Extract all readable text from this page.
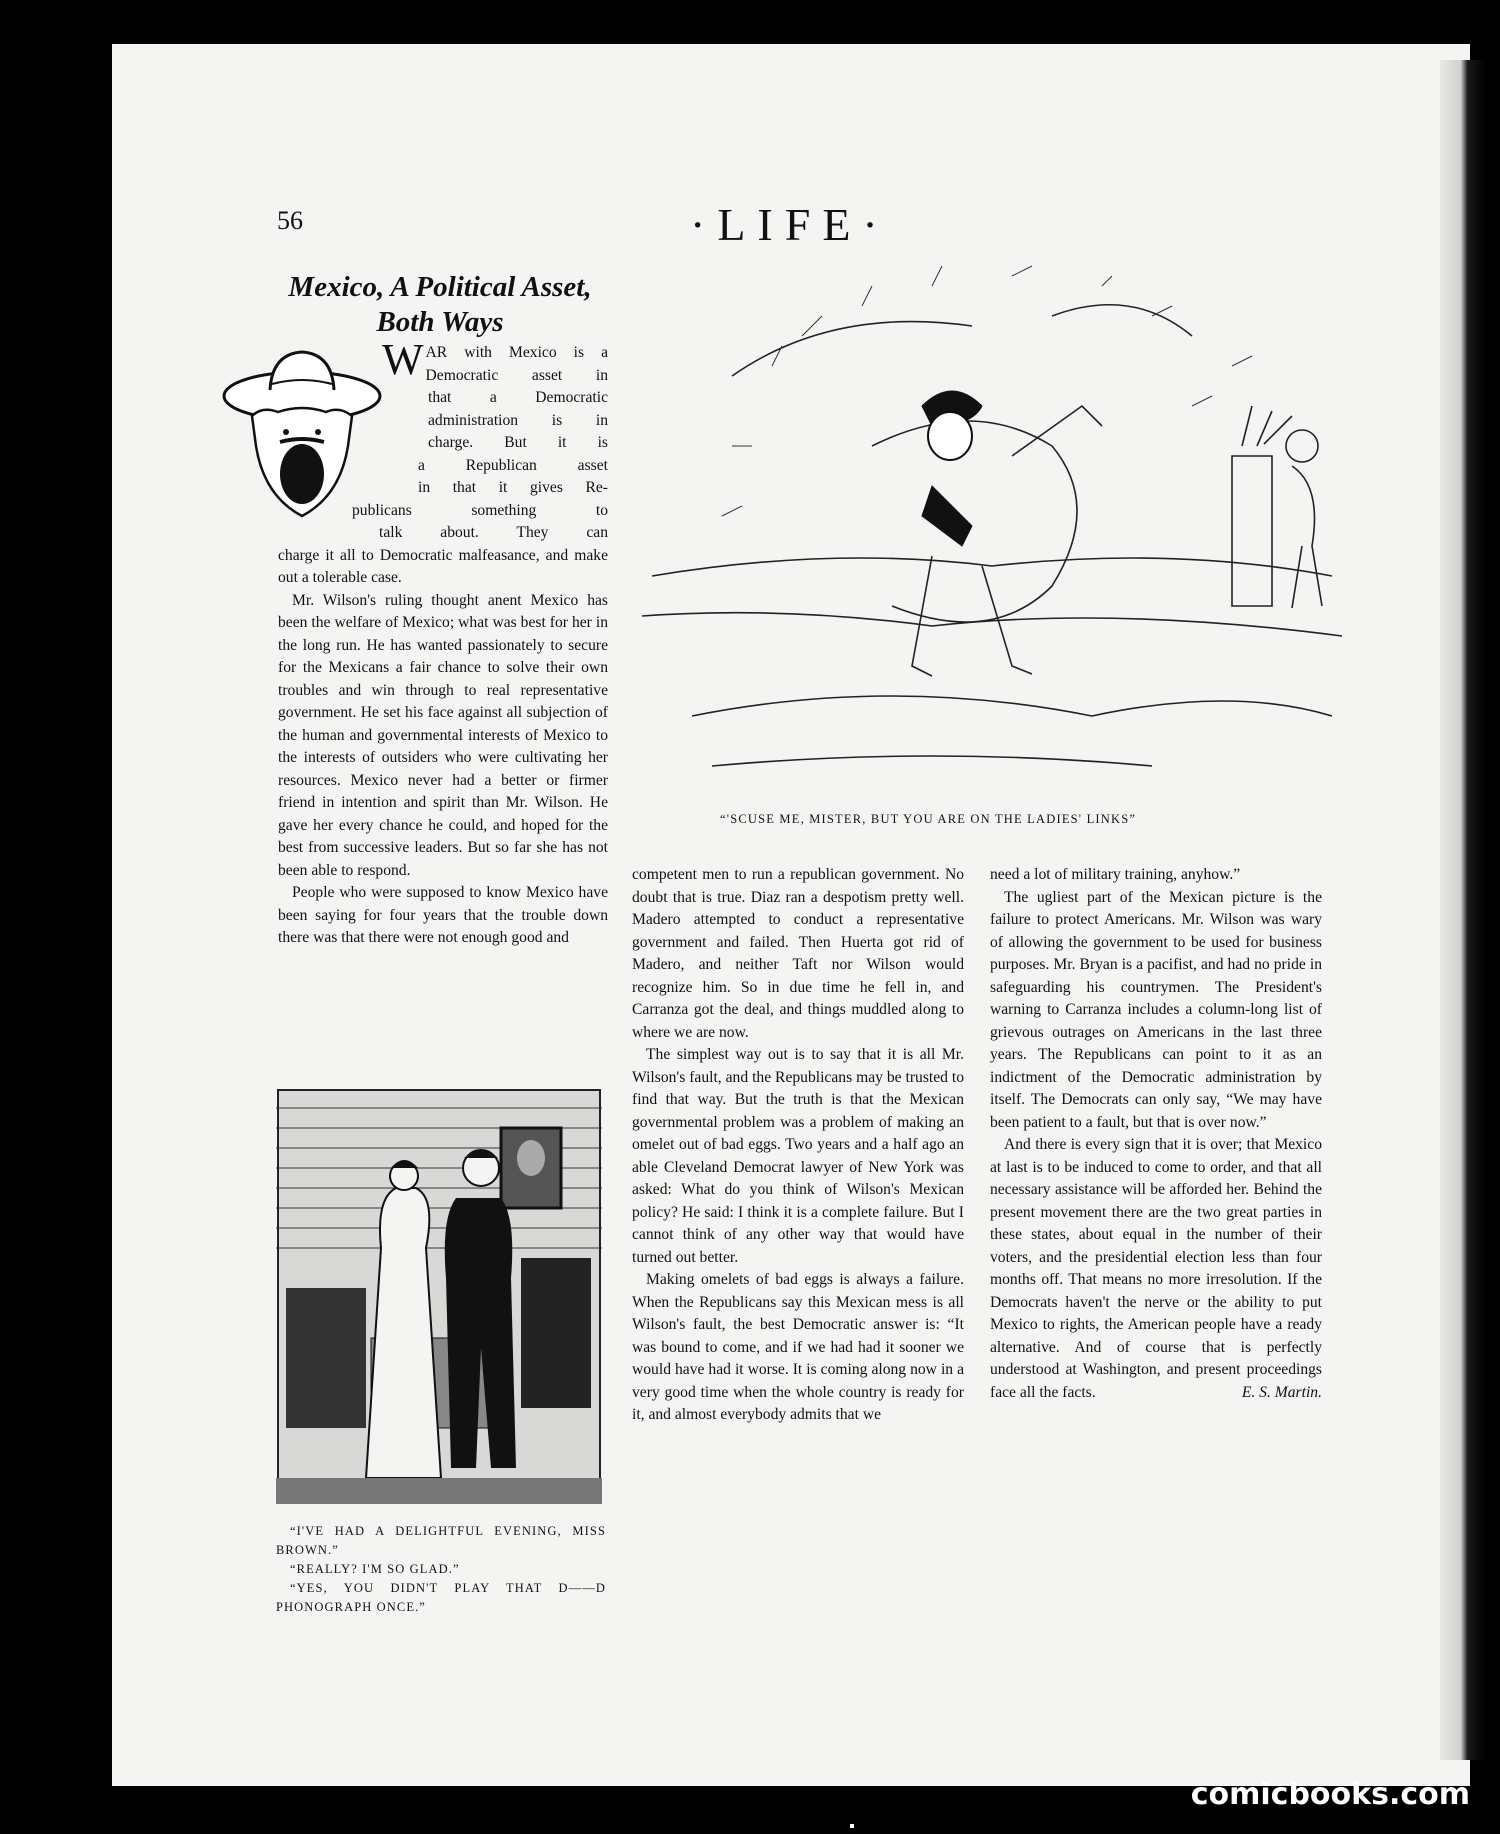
56	·LIFE·
Mexico, A Political Asset,
Both Ways
W AR with Mexico is a
Democratic asset in
that a Democratic
administration is in
charge. But it is
a Republican asset
in that it gives Re-
publicans something to
talk about. They can

charge it all to Democratic malfeasance, and make out a tolerable case.

Mr. Wilson's ruling thought anent Mexico has been the welfare of Mexico; what was best for her in the long run. He has wanted passionately to secure for the Mexicans a fair chance to solve their own troubles and win through to real representative government. He set his face against all subjection of the human and governmental interests of Mexico to the interests of outsiders who were cultivating her resources. Mexico never had a better or firmer friend in intention and spirit than Mr. Wilson. He gave her every chance he could, and hoped for the best from successive leaders. But so far she has not been able to respond.

People who were supposed to know Mexico have been saying for four years that the trouble down there was that there were not enough good and

“'SCUSE ME, MISTER, BUT YOU ARE ON THE LADIES' LINKS”

“I'VE HAD A DELIGHTFUL EVENING, MISS BROWN.”

“REALLY? I'M SO GLAD.”

“YES, YOU DIDN'T PLAY THAT D——D PHONOGRAPH ONCE.”

competent men to run a republican government. No doubt that is true. Diaz ran a despotism pretty well. Madero attempted to conduct a representative government and failed. Then Huerta got rid of Madero, and neither Taft nor Wilson would recognize him. So in due time he fell in, and Carranza got the deal, and things muddled along to where we are now.

The simplest way out is to say that it is all Mr. Wilson's fault, and the Republicans may be trusted to find that way. But the truth is that the Mexican governmental problem was a problem of making an omelet out of bad eggs. Two years and a half ago an able Cleveland Democrat lawyer of New York was asked: What do you think of Wilson's Mexican policy? He said: I think it is a complete failure. But I cannot think of any other way that would have turned out better.

Making omelets of bad eggs is always a failure. When the Republicans say this Mexican mess is all Wilson's fault, the best Democratic answer is: “It was bound to come, and if we had had it sooner we would have had it worse. It is coming along now in a very good time when the whole country is ready for it, and almost everybody admits that we

need a lot of military training, anyhow.”

The ugliest part of the Mexican picture is the failure to protect Americans. Mr. Wilson was wary of allowing the government to be used for business purposes. Mr. Bryan is a pacifist, and had no pride in safeguarding his countrymen. The President's warning to Carranza includes a column-long list of grievous outrages on Americans in the last three years. The Republicans can point to it as an indictment of the Democratic administration by itself. The Democrats can only say, “We may have been patient to a fault, but that is over now.”

And there is every sign that it is over; that Mexico at last is to be induced to come to order, and that all necessary assistance will be afforded her. Behind the present movement there are the two great parties in these states, about equal in the number of their voters, and the presidential election less than four months off. That means no more irresolution. If the Democrats haven't the nerve or the ability to put Mexico to rights, the American people have a ready alternative. And of course that is perfectly understood at Washington, and present proceedings face all the facts.	E. S. Martin.

comicbooks.com
